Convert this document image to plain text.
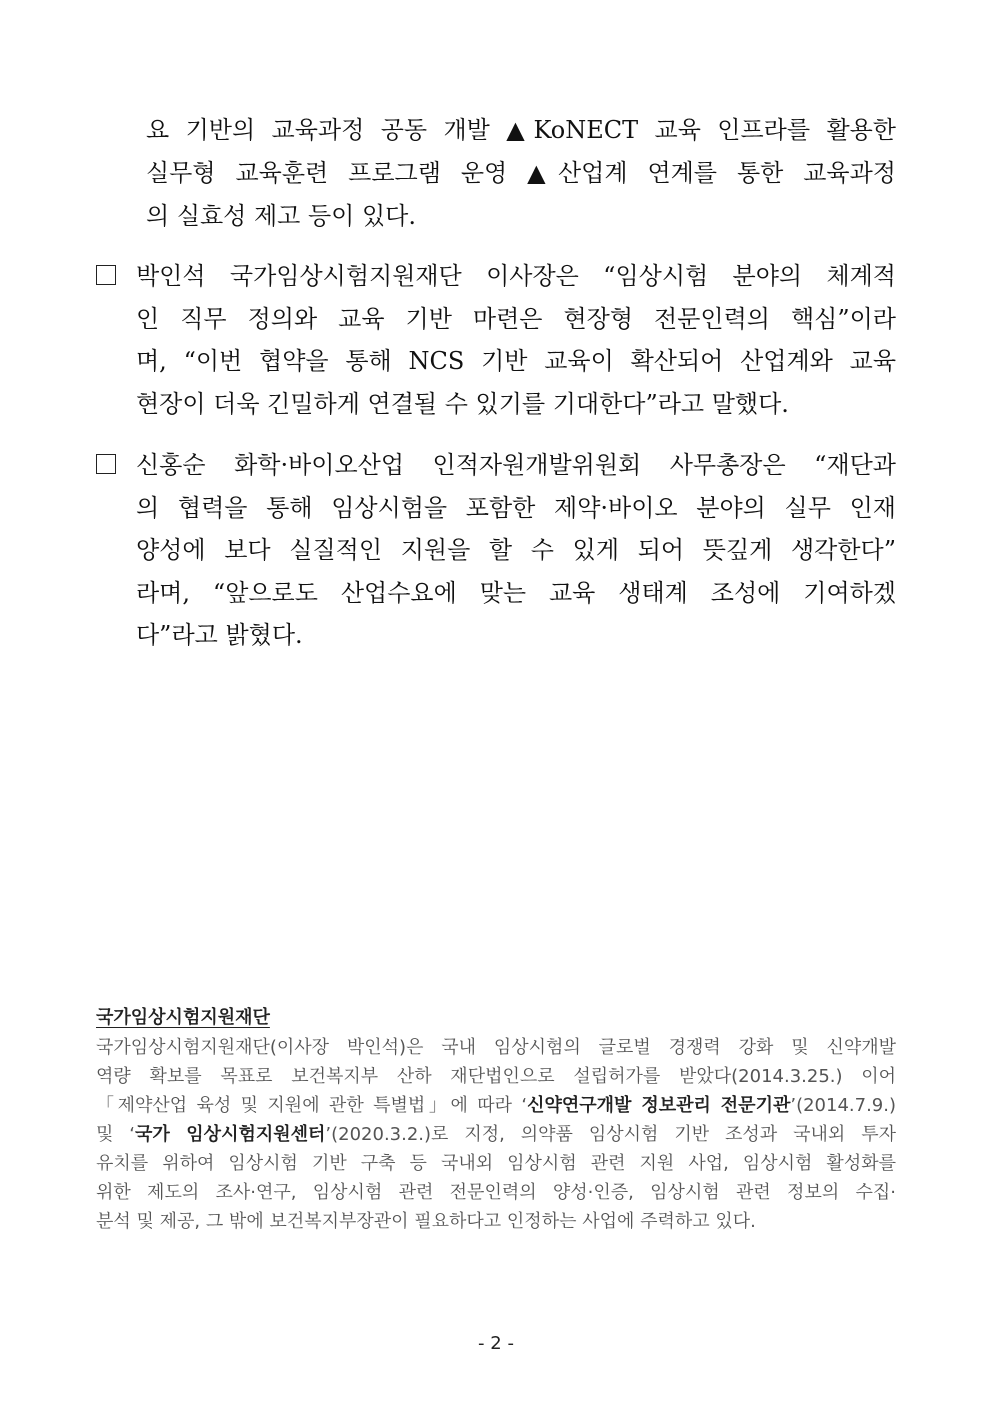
요 기반의 교육과정 공동 개발 ▲KoNECT 교육 인프라를 활용한
실무형 교육훈련 프로그램 운영 ▲산업계 연계를 통한 교육과정
의 실효성 제고 등이 있다.
박인석 국가임상시험지원재단 이사장은 “임상시험 분야의 체계적
인 직무 정의와 교육 기반 마련은 현장형 전문인력의 핵심”이라
며, “이번 협약을 통해 NCS 기반 교육이 확산되어 산업계와 교육
현장이 더욱 긴밀하게 연결될 수 있기를 기대한다”라고 말했다.
신홍순 화학·바이오산업 인적자원개발위원회 사무총장은 “재단과
의 협력을 통해 임상시험을 포함한 제약·바이오 분야의 실무 인재
양성에 보다 실질적인 지원을 할 수 있게 되어 뜻깊게 생각한다”
라며, “앞으로도 산업수요에 맞는 교육 생태계 조성에 기여하겠
다”라고 밝혔다.
국가임상시험지원재단
국가임상시험지원재단(이사장 박인석)은 국내 임상시험의 글로벌 경쟁력 강화 및 신약개발
역량 확보를 목표로 보건복지부 산하 재단법인으로 설립허가를 받았다(2014.3.25.) 이어
「제약산업 육성 및 지원에 관한 특별법」에 따라 ‘신약연구개발 정보관리 전문기관’(2014.7.9.)
및 ‘국가 임상시험지원센터’(2020.3.2.)로 지정, 의약품 임상시험 기반 조성과 국내외 투자
유치를 위하여 임상시험 기반 구축 등 국내외 임상시험 관련 지원 사업, 임상시험 활성화를
위한 제도의 조사·연구, 임상시험 관련 전문인력의 양성·인증, 임상시험 관련 정보의 수집·
분석 및 제공, 그 밖에 보건복지부장관이 필요하다고 인정하는 사업에 주력하고 있다.
- 2 -
